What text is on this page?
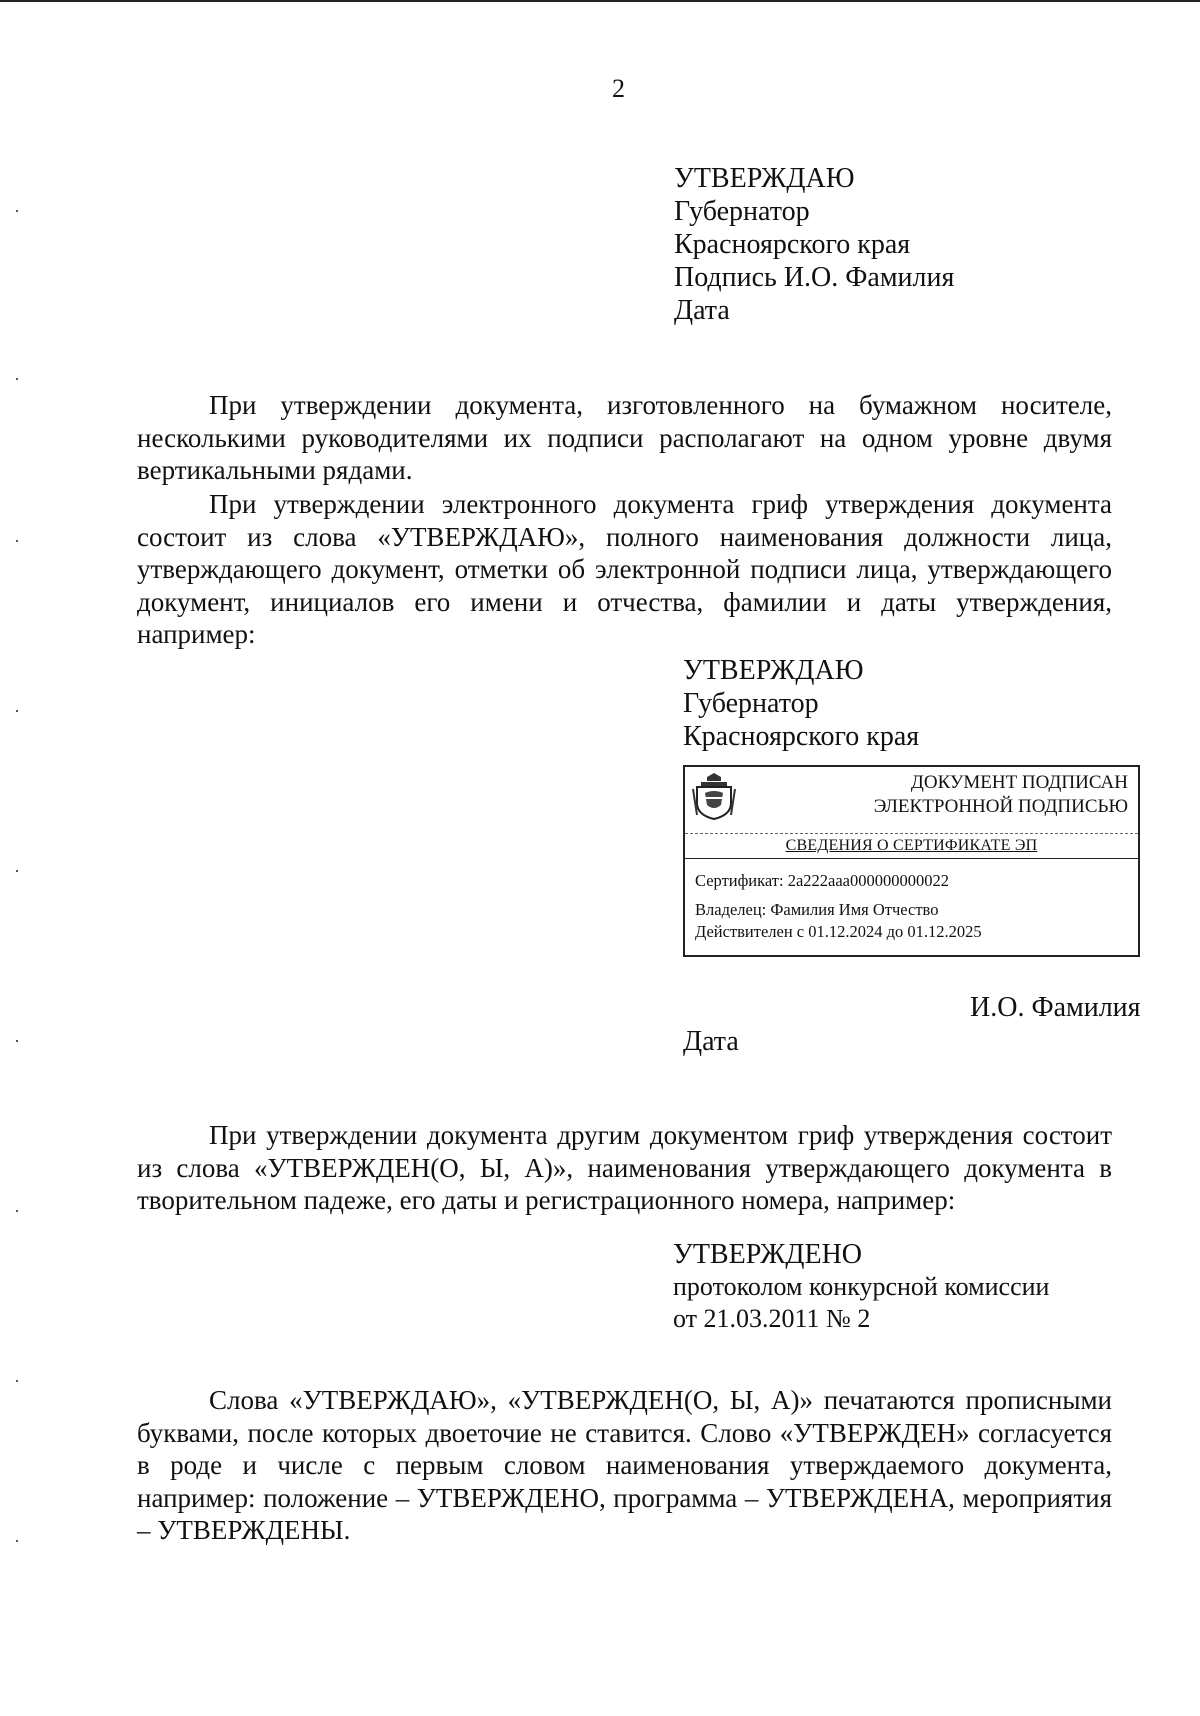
2
УТВЕРЖДАЮ
Губернатор
Красноярского края
Подпись И.О. Фамилия
Дата

При утверждении документа, изготовленного на бумажном носителе, несколькими руководителями их подписи располагают на одном уровне двумя вертикальными рядами.

При утверждении электронного документа гриф утверждения документа состоит из слова «УТВЕРЖДАЮ», полного наименования должности лица, утверждающего документ, отметки об электронной подписи лица, утверждающего документ, инициалов его имени и отчества, фамилии и даты утверждения, например:

УТВЕРЖДАЮ
Губернатор
Красноярского края
ДОКУМЕНТ ПОДПИСАН
ЭЛЕКТРОННОЙ ПОДПИСЬЮ
СВЕДЕНИЯ О СЕРТИФИКАТЕ ЭП
Сертификат: 2а222ааа000000000022
Владелец: Фамилия Имя Отчество
Действителен с 01.12.2024 до 01.12.2025
И.О. Фамилия
Дата

При утверждении документа другим документом гриф утверждения состоит из слова «УТВЕРЖДЕН(О, Ы, А)», наименования утверждающего документа в творительном падеже, его даты и регистрационного номера, например:

УТВЕРЖДЕНО
протоколом конкурсной комиссии
от 21.03.2011 № 2

Слова «УТВЕРЖДАЮ», «УТВЕРЖДЕН(О, Ы, А)» печатаются прописными буквами, после которых двоеточие не ставится. Слово «УТВЕРЖДЕН» согласуется в роде и числе с первым словом наименования утверждаемого документа, например: положение – УТВЕРЖДЕНО, программа – УТВЕРЖДЕНА, мероприятия – УТВЕРЖДЕНЫ.
